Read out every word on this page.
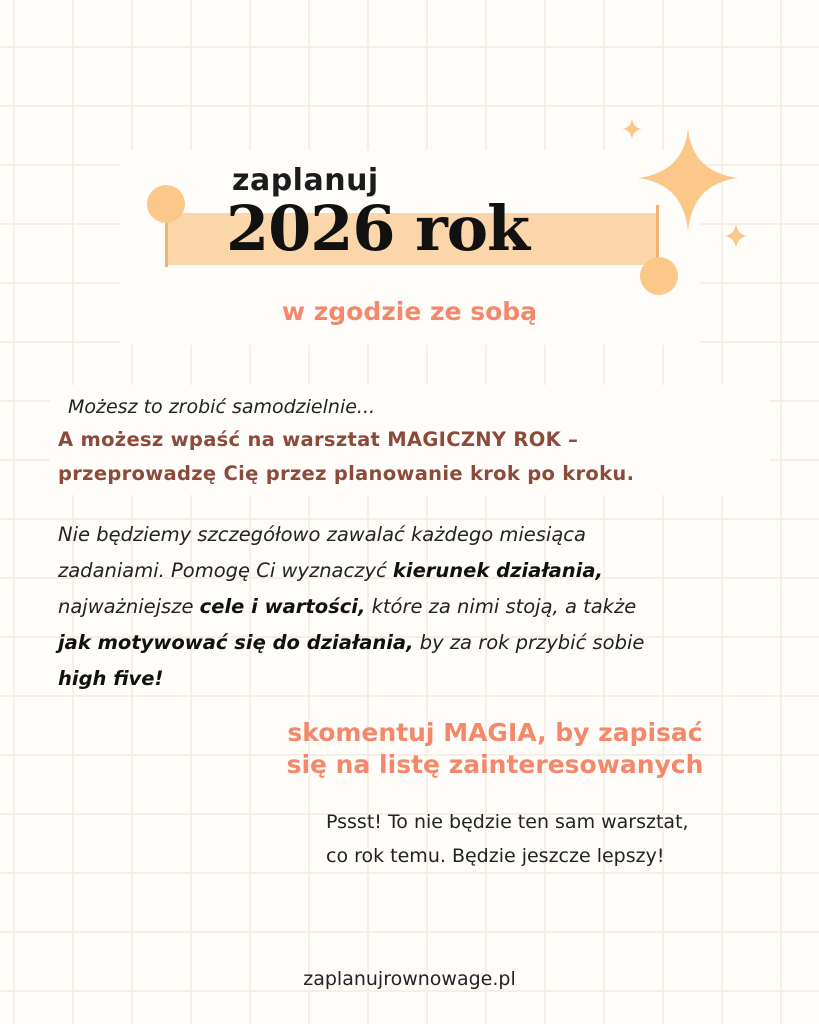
zaplanuj
2026 rok
w zgodzie ze sobą
Możesz to zrobić samodzielnie...
A możesz wpaść na warsztat MAGICZNY ROK –
przeprowadzę Cię przez planowanie krok po kroku.
Nie będziemy szczegółowo zawalać każdego miesiąca
zadaniami. Pomogę Ci wyznaczyć kierunek działania,
najważniejsze cele i wartości, które za nimi stoją, a także
jak motywować się do działania, by za rok przybić sobie
high five!
skomentuj MAGIA, by zapisać
się na listę zainteresowanych
Pssst! To nie będzie ten sam warsztat,
co rok temu. Będzie jeszcze lepszy!
zaplanujrownowage.pl
